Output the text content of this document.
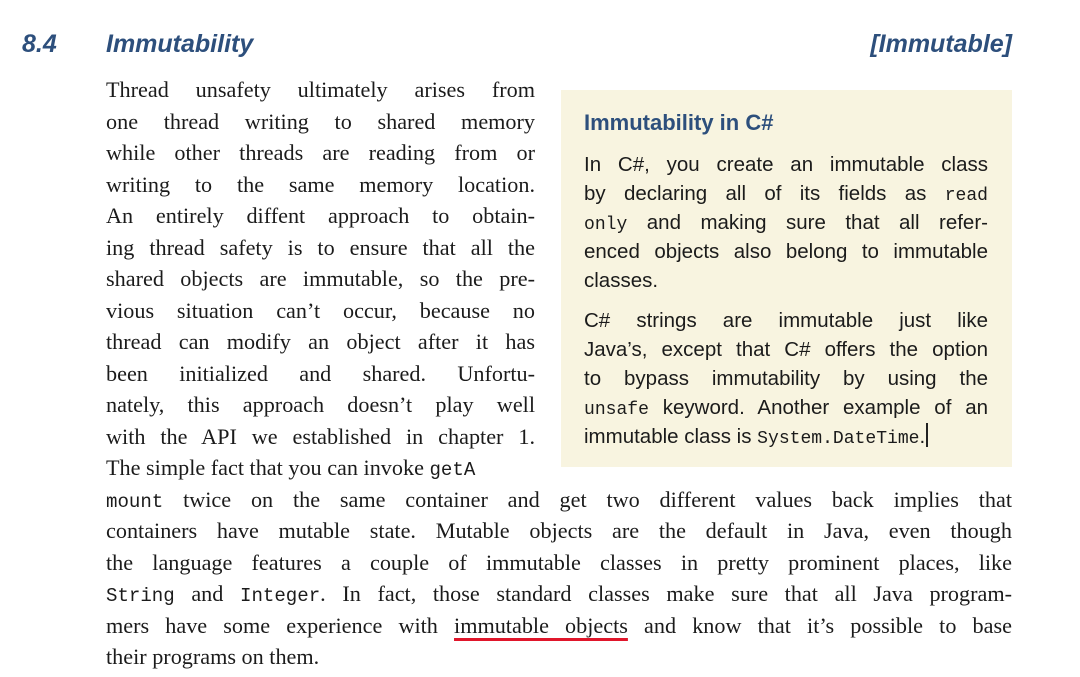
8.4 Immutability	[Immutable]
Thread unsafety ultimately arises from
one thread writing to shared memory
while other threads are reading from or
writing to the same memory location.
An entirely diffent approach to obtain-
ing thread safety is to ensure that all the
shared objects are immutable, so the pre-
vious situation can’t occur, because no
thread can modify an object after it has
been initialized and shared. Unfortu-
nately, this approach doesn’t play well
with the API we established in chapter 1.
The simple fact that you can invoke getA
mount twice on the same container and get two different values back implies that
containers have mutable state. Mutable objects are the default in Java, even though
the language features a couple of immutable classes in pretty prominent places, like
String and Integer. In fact, those standard classes make sure that all Java program-
mers have some experience with immutable objects and know that it’s possible to base
their programs on them.
Immutability in C#
In C#, you create an immutable class
by declaring all of its fields as read
only and making sure that all refer-
enced objects also belong to immutable
classes.
C# strings are immutable just like
Java’s, except that C# offers the option
to bypass immutability by using the
unsafe keyword. Another example of an
immutable class is System.DateTime.
